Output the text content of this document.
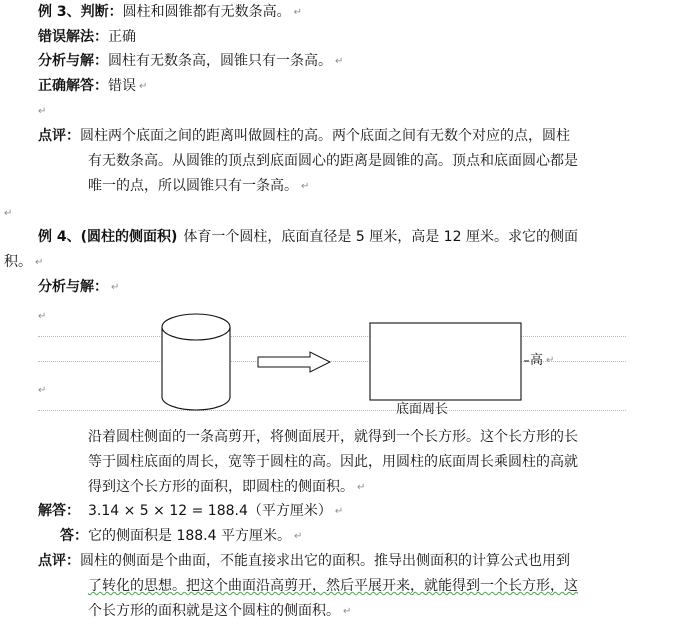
例 3、判断：圆柱和圆锥都有无数条高。 ↵
错误解法：正确
分析与解：圆柱有无数条高，圆锥只有一条高。 ↵
正确解答：错误 ↵
↵
点评：圆柱两个底面之间的距离叫做圆柱的高。两个底面之间有无数个对应的点，圆柱
有无数条高。从圆锥的顶点到底面圆心的距离是圆锥的高。顶点和底面圆心都是
唯一的点，所以圆锥只有一条高。 ↵
↵
例 4、(圆柱的侧面积) 体育一个圆柱，底面直径是 5 厘米，高是 12 厘米。求它的侧面
积。 ↵
分析与解： ↵
↵
↵
高 ↵
底面周长
沿着圆柱侧面的一条高剪开，将侧面展开，就得到一个长方形。这个长方形的长
等于圆柱底面的周长，宽等于圆柱的高。因此，用圆柱的底面周长乘圆柱的高就
得到这个长方形的面积，即圆柱的侧面积。 ↵
解答： 3.14 × 5 × 12 = 188.4（平方厘米） ↵
答：它的侧面积是 188.4 平方厘米。 ↵
点评：圆柱的侧面是个曲面，不能直接求出它的面积。推导出侧面积的计算公式也用到
了转化的思想。把这个曲面沿高剪开，然后平展开来，就能得到一个长方形，这
个长方形的面积就是这个圆柱的侧面积。 ↵
